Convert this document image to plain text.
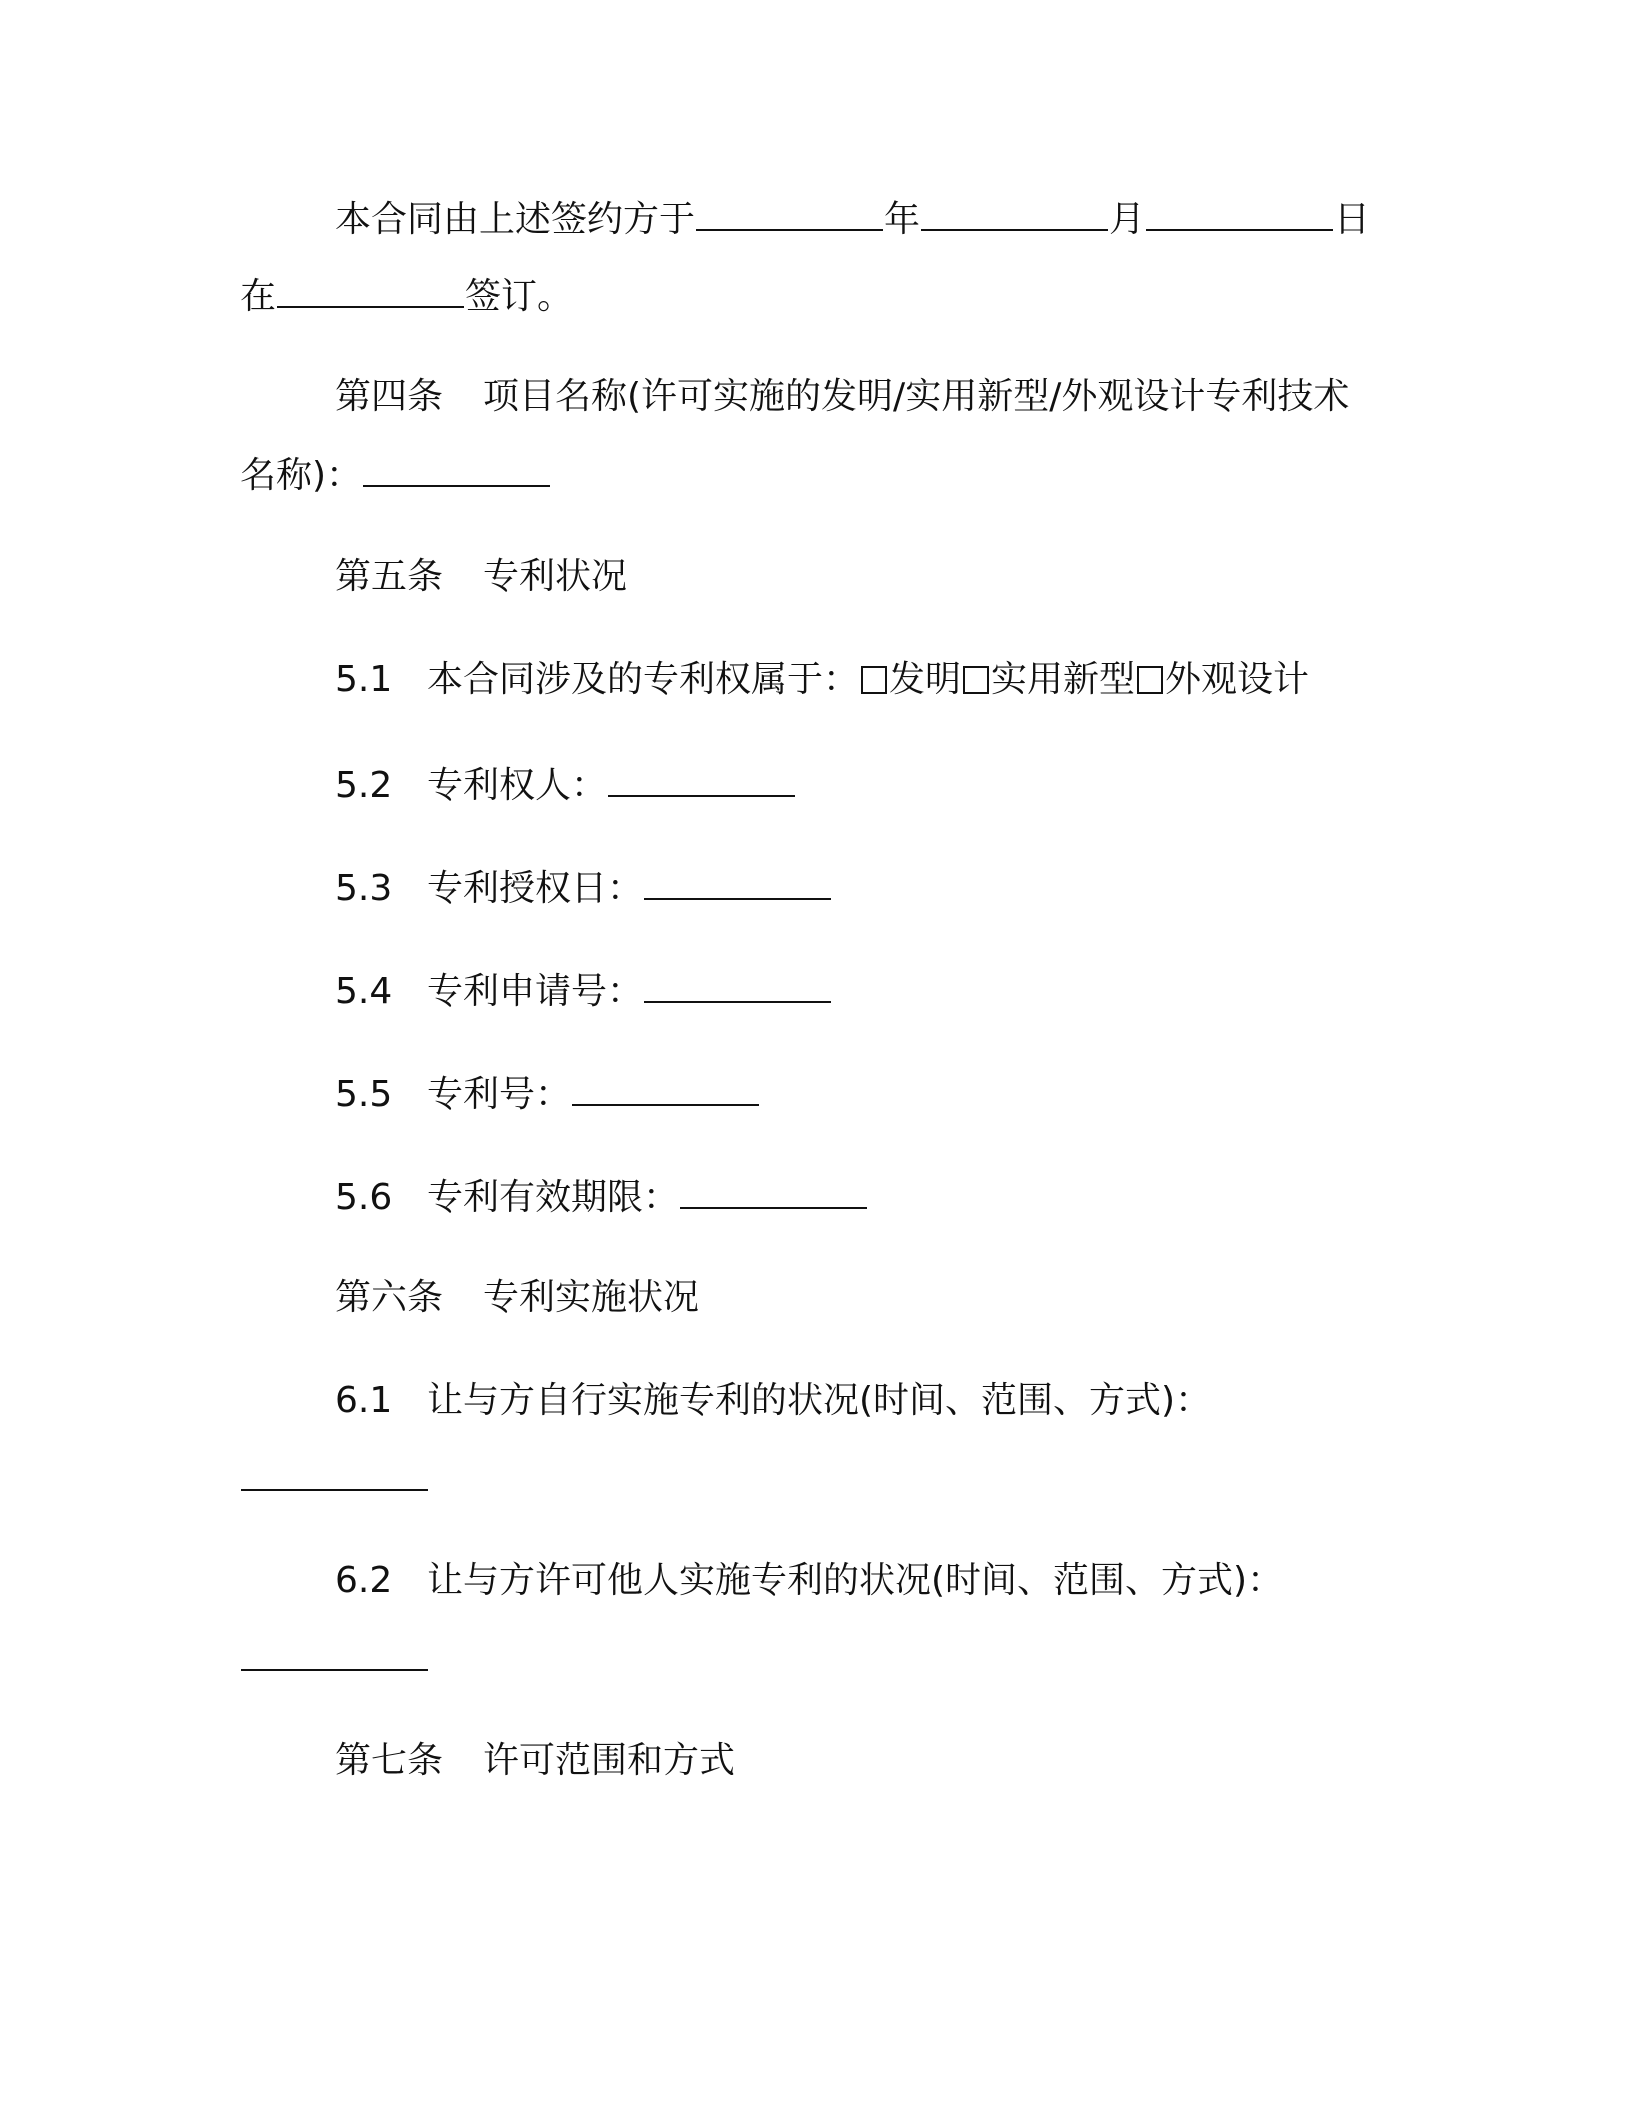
本合同由上述签约方于	年	月	日
在	签订。
第四条 项目名称(许可实施的发明/实用新型/外观设计专利技术
名称)：
第五条 专利状况
5.1 本合同涉及的专利权属于： 发明 实用新型 外观设计
5.2 专利权人：
5.3 专利授权日：
5.4 专利申请号：
5.5 专利号：
5.6 专利有效期限：
第六条 专利实施状况
6.1 让与方自行实施专利的状况(时间、范围、方式)：
6.2 让与方许可他人实施专利的状况(时间、范围、方式)：
第七条 许可范围和方式
